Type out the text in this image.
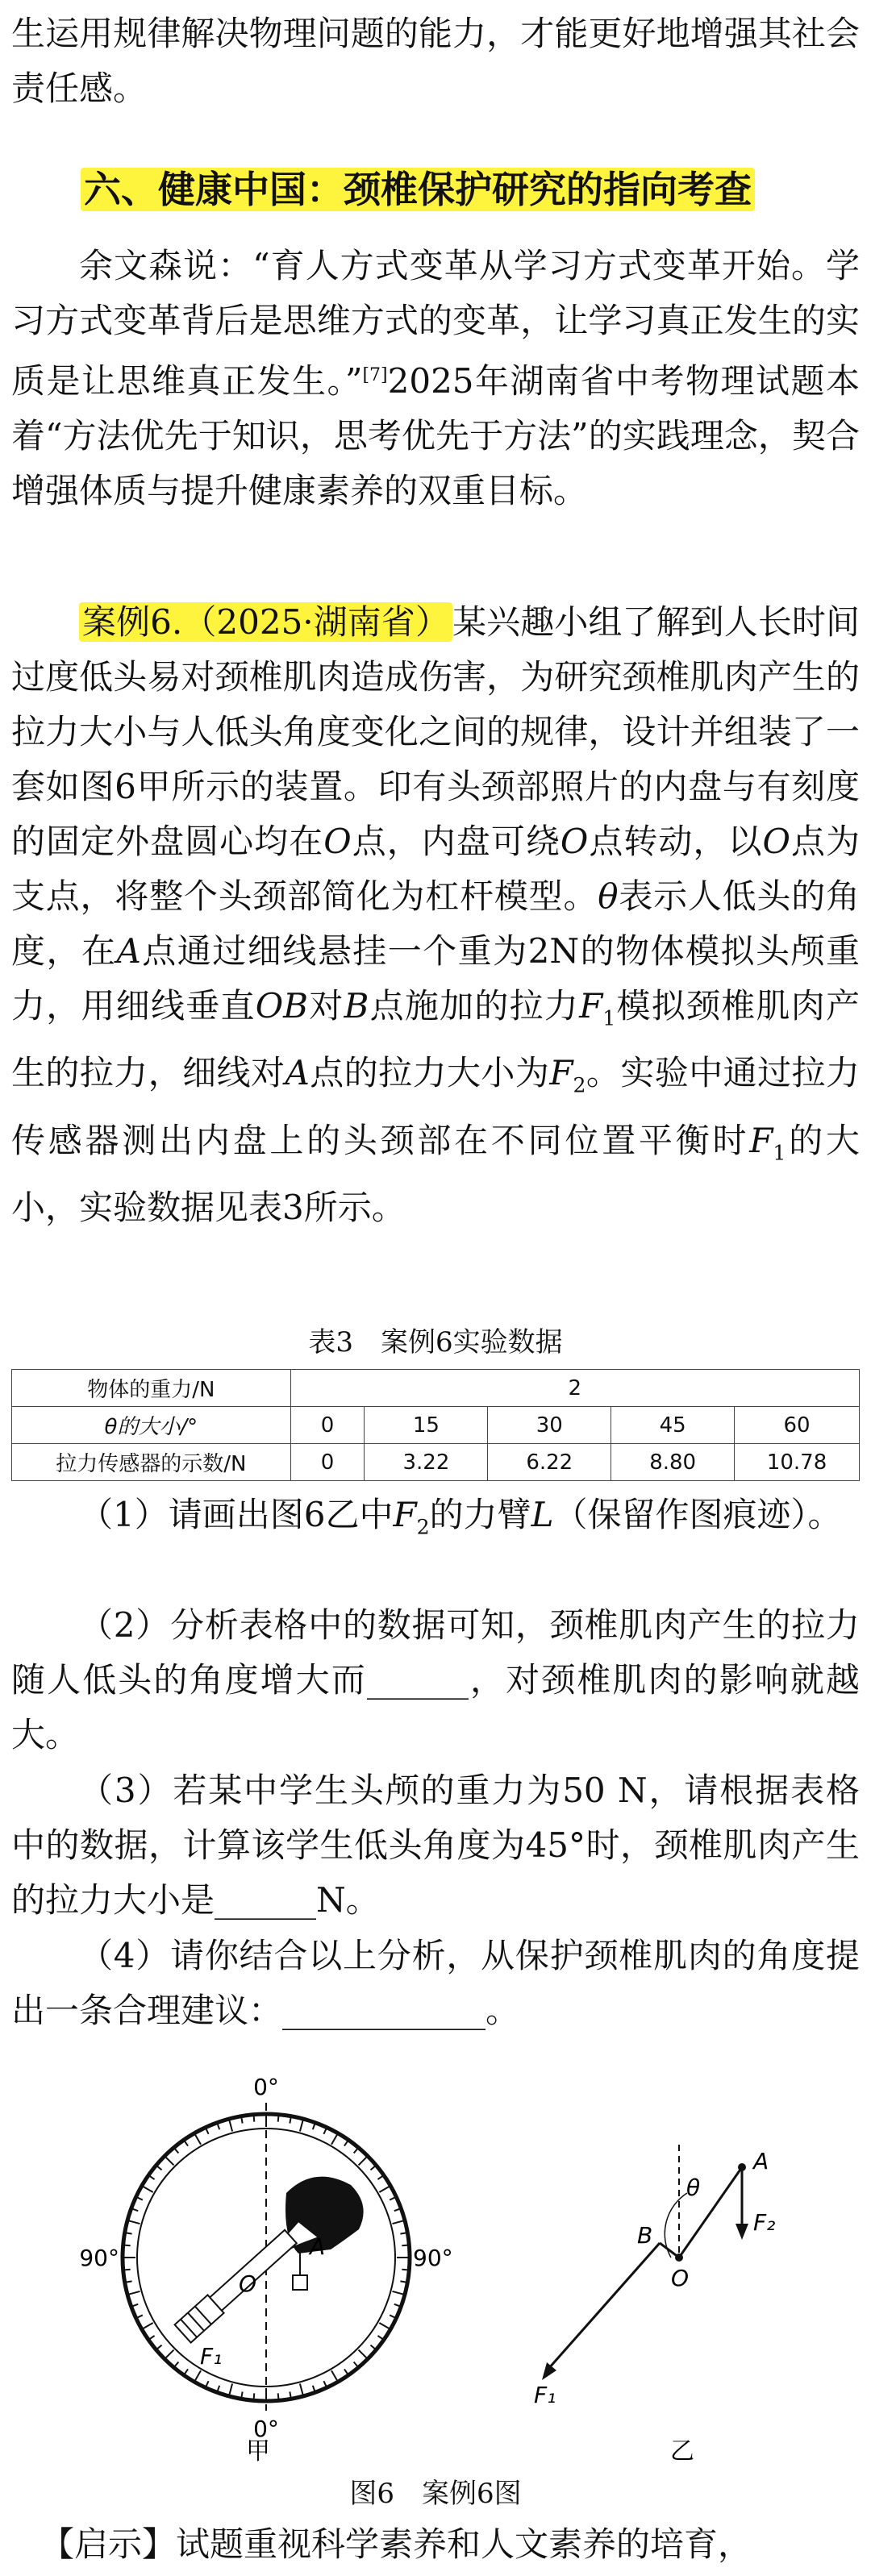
生运用规律解决物理问题的能力，才能更好地增强其社会责任感。

六、健康中国：颈椎保护研究的指向考查

余文森说：“育人方式变革从学习方式变革开始。学习方式变革背后是思维方式的变革，让学习真正发生的实质是让思维真正发生。”[7]2025年湖南省中考物理试题本着“方法优先于知识，思考优先于方法”的实践理念，契合增强体质与提升健康素养的双重目标。

案例6.（2025·湖南省）某兴趣小组了解到人长时间过度低头易对颈椎肌肉造成伤害，为研究颈椎肌肉产生的拉力大小与人低头角度变化之间的规律，设计并组装了一套如图6甲所示的装置。印有头颈部照片的内盘与有刻度的固定外盘圆心均在O点，内盘可绕O点转动，以O点为支点，将整个头颈部简化为杠杆模型。θ表示人低头的角度，在A点通过细线悬挂一个重为2N的物体模拟头颅重力，用细线垂直OB对B点施加的拉力$F_1$模拟颈椎肌肉产生的拉力，细线对A点的拉力大小为$F_2$。实验中通过拉力传感器测出内盘上的头颈部在不同位置平衡时$F_1$的大小，实验数据见表3所示。

表3　案例6实验数据
物体的重力/N	2				
θ的大小/°	0	15	30	45	60
拉力传感器的示数/N	0	3.22	6.22	8.80	10.78

（1）请画出图6乙中$F_2$的力臂L（保留作图痕迹）。

（2）分析表格中的数据可知，颈椎肌肉产生的拉力随人低头的角度增大而______，对颈椎肌肉的影响就越大。

（3）若某中学生头颅的重力为50 N，请根据表格中的数据，计算该学生低头角度为45°时，颈椎肌肉产生的拉力大小是______N。

（4）请你结合以上分析，从保护颈椎肌肉的角度提出一条合理建议：____________。

0°
0°
90°	90°
O
A
F₁
甲
θ
A
B
O
F₂
F₁
乙
图6　案例6图

【启示】试题重视科学素养和人文素养的培育，
